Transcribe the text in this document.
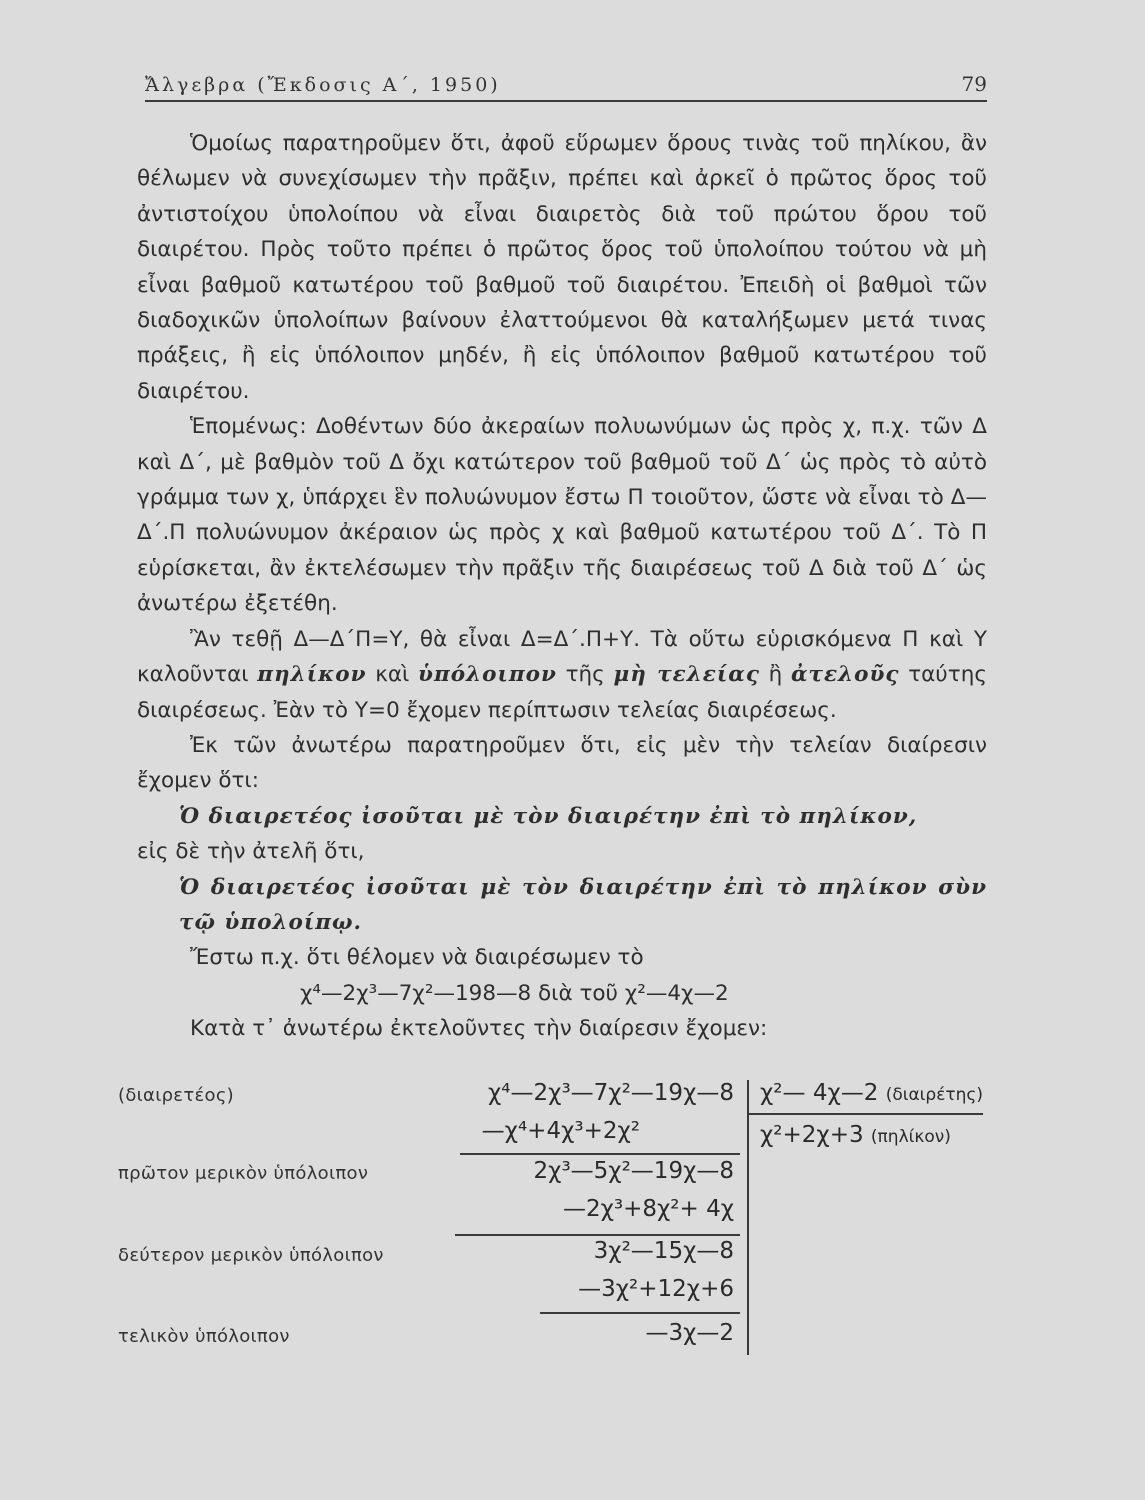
Ἄλγεβρα (Ἔκδοσις Α΄, 1950)	79

Ὁμοίως παρατηροῦμεν ὅτι, ἀφοῦ εὕρωμεν ὅρους τινὰς τοῦ πηλίκου, ἂν θέλωμεν νὰ συνεχίσωμεν τὴν πρᾶξιν, πρέπει καὶ ἀρκεῖ ὁ πρῶτος ὅρος τοῦ ἀντιστοίχου ὑπολοίπου νὰ εἶναι διαιρετὸς διὰ τοῦ πρώτου ὅρου τοῦ διαιρέτου. Πρὸς τοῦτο πρέπει ὁ πρῶτος ὅρος τοῦ ὑπολοίπου τούτου νὰ μὴ εἶναι βαθμοῦ κατωτέρου τοῦ βαθμοῦ τοῦ διαιρέτου. Ἐπειδὴ οἱ βαθμοὶ τῶν διαδοχικῶν ὑπολοίπων βαίνουν ἐλαττούμενοι θὰ καταλήξωμεν μετά τινας πράξεις, ἢ εἰς ὑπόλοιπον μηδέν, ἢ εἰς ὑπόλοιπον βαθμοῦ κατωτέρου τοῦ διαιρέτου.

Ἑπομένως: Δοθέντων δύο ἀκεραίων πολυωνύμων ὡς πρὸς χ, π.χ. τῶν Δ καὶ Δ΄, μὲ βαθμὸν τοῦ Δ ὄχι κατώτερον τοῦ βαθμοῦ τοῦ Δ΄ ὡς πρὸς τὸ αὐτὸ γράμμα των χ, ὑπάρχει ἓν πολυώνυμον ἔστω Π τοιοῦτον, ὥστε νὰ εἶναι τὸ Δ—Δ΄.Π πολυώνυμον ἀκέραιον ὡς πρὸς χ καὶ βαθμοῦ κατωτέρου τοῦ Δ΄. Τὸ Π εὑρίσκεται, ἂν ἐκτελέσωμεν τὴν πρᾶξιν τῆς διαιρέσεως τοῦ Δ διὰ τοῦ Δ΄ ὡς ἀνωτέρω ἐξετέθη.

Ἂν τεθῇ Δ—Δ΄Π=Υ, θὰ εἶναι Δ=Δ΄.Π+Υ. Τὰ οὕτω εὑρισκόμενα Π καὶ Υ καλοῦνται πηλίκον καὶ ὑπόλοιπον τῆς μὴ τελείας ἢ ἀτελοῦς ταύτης διαιρέσεως. Ἐὰν τὸ Υ=0 ἔχομεν περίπτωσιν τελείας διαιρέσεως.

Ἐκ τῶν ἀνωτέρω παρατηροῦμεν ὅτι, εἰς μὲν τὴν τελείαν διαίρεσιν ἔχομεν ὅτι:

Ὁ διαιρετέος ἰσοῦται μὲ τὸν διαιρέτην ἐπὶ τὸ πηλίκον,

εἰς δὲ τὴν ἀτελῆ ὅτι,

Ὁ διαιρετέος ἰσοῦται μὲ τὸν διαιρέτην ἐπὶ τὸ πηλίκον σὺν τῷ ὑπολοίπῳ.

Ἔστω π.χ. ὅτι θέλομεν νὰ διαιρέσωμεν τὸ

χ⁴—2χ³—7χ²—198—8 διὰ τοῦ χ²—4χ—2

Κατὰ τ᾽ ἀνωτέρω ἐκτελοῦντες τὴν διαίρεσιν ἔχομεν:

(διαιρετέος)
πρῶτον μερικὸν ὑπόλοιπον
δεύτερον μερικὸν ὑπόλοιπον
τελικὸν ὑπόλοιπον
χ⁴—2χ³—7χ²—19χ—8
—χ⁴+4χ³+2χ²
2χ³—5χ²—19χ—8
—2χ³+8χ²+ 4χ
3χ²—15χ—8
—3χ²+12χ+6
—3χ—2
χ²— 4χ—2 (διαιρέτης)
χ²+2χ+3 (πηλίκον)
